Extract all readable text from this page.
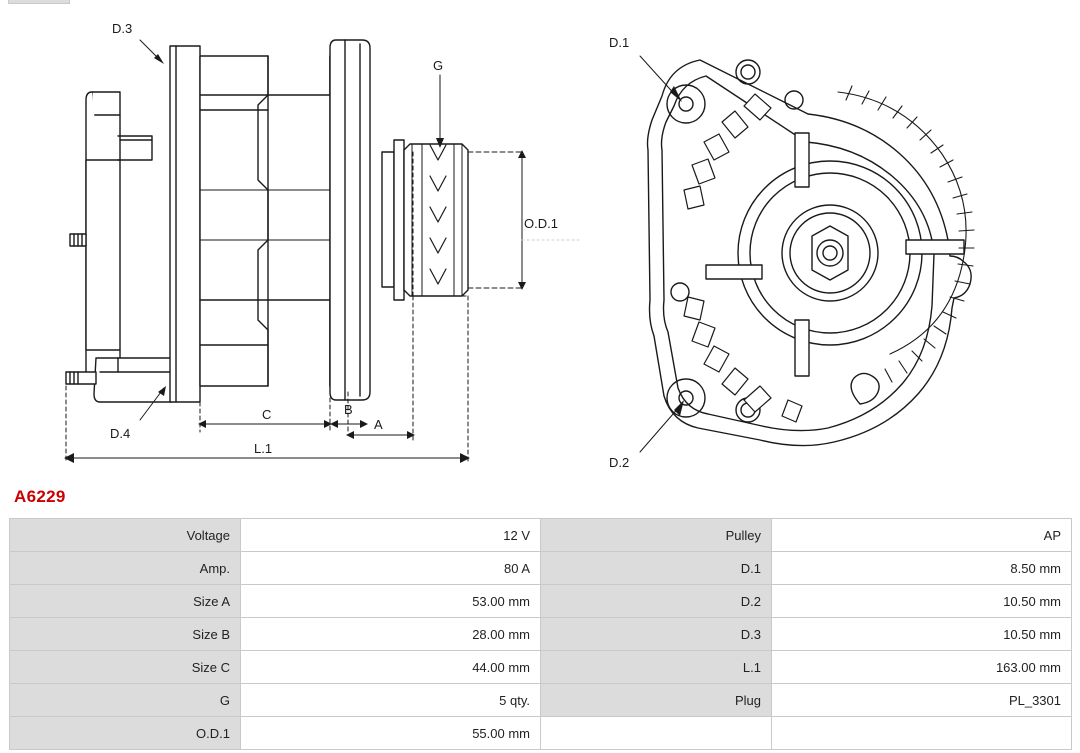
D.3
D.4
G
O.D.1
C	B
A
L.1
D.1
D.2
A6229
Voltage	12 V	Pulley	AP
Amp.	80 A	D.1	8.50 mm
Size A	53.00 mm	D.2	10.50 mm
Size B	28.00 mm	D.3	10.50 mm
Size C	44.00 mm	L.1	163.00 mm
G	5 qty.	Plug	PL_3301
O.D.1	55.00 mm		
